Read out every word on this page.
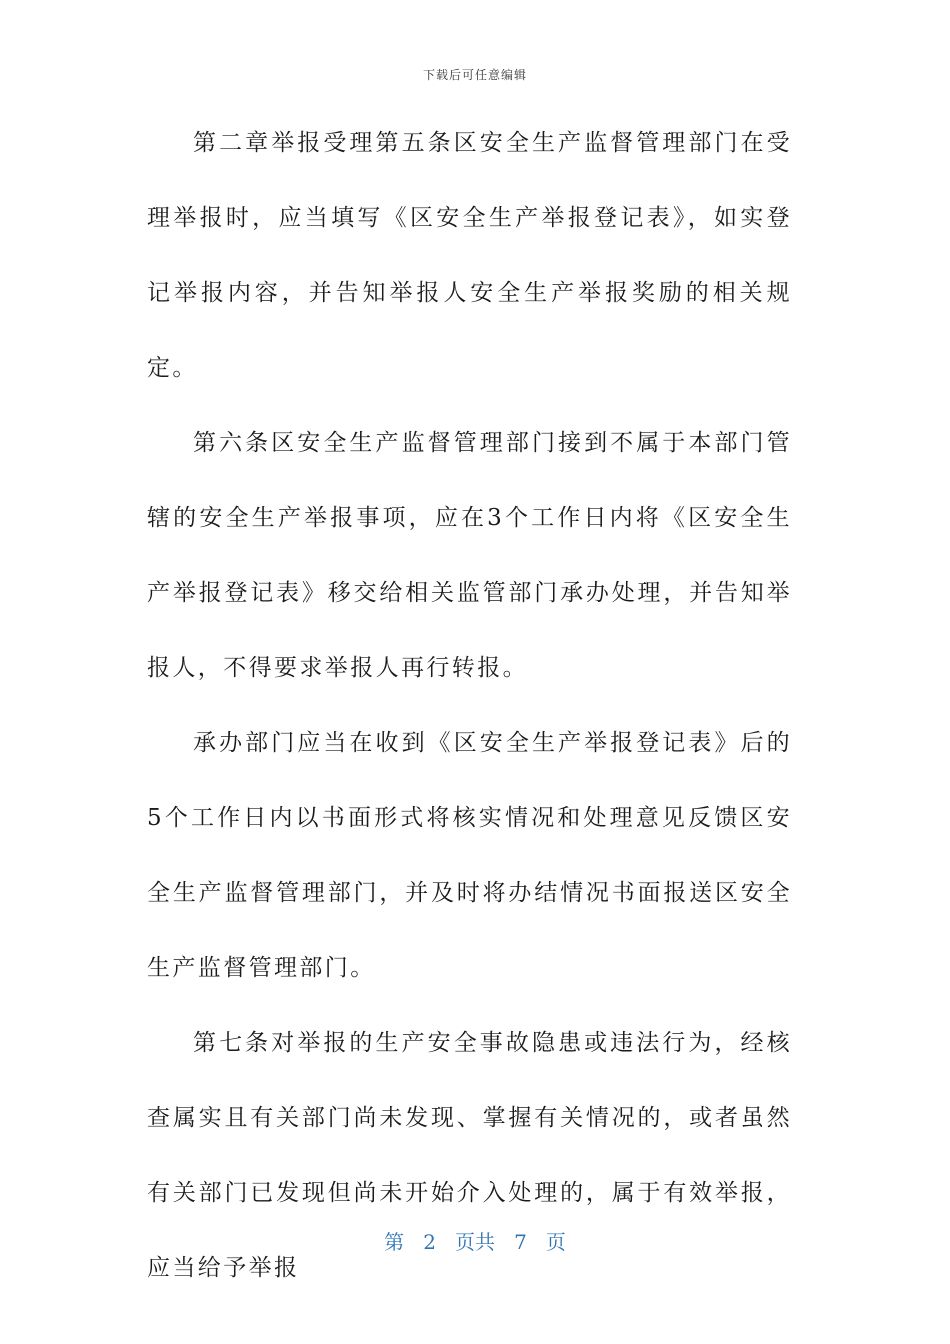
下载后可任意编辑

第二章举报受理第五条区安全生产监督管理部门在受理举报时，应当填写《区安全生产举报登记表》，如实登记举报内容，并告知举报人安全生产举报奖励的相关规定。

第六条区安全生产监督管理部门接到不属于本部门管辖的安全生产举报事项，应在3个工作日内将《区安全生产举报登记表》移交给相关监管部门承办处理，并告知举报人，不得要求举报人再行转报。

承办部门应当在收到《区安全生产举报登记表》后的5个工作日内以书面形式将核实情况和处理意见反馈区安全生产监督管理部门，并及时将办结情况书面报送区安全生产监督管理部门。

第七条对举报的生产安全事故隐患或违法行为，经核查属实且有关部门尚未发现、掌握有关情况的，或者虽然有关部门已发现但尚未开始介入处理的，属于有效举报，应当给予举报

第 2 页共 7 页
